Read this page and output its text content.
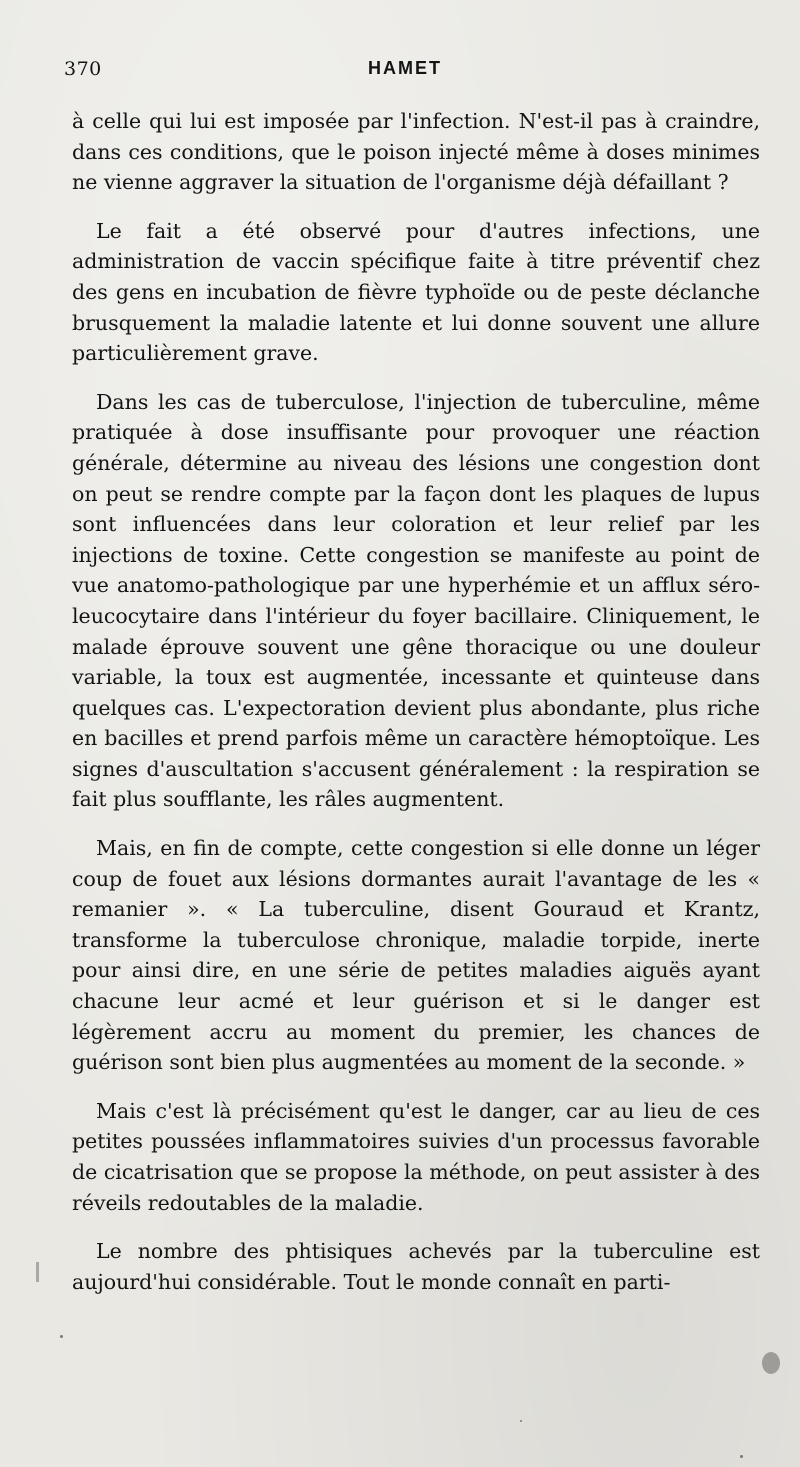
370	HAMET

à celle qui lui est imposée par l'infection. N'est-il pas à craindre, dans ces conditions, que le poison injecté même à doses minimes ne vienne aggraver la situation de l'organisme déjà défaillant ?

Le fait a été observé pour d'autres infections, une administration de vaccin spécifique faite à titre préventif chez des gens en incubation de fièvre typhoïde ou de peste déclanche brusquement la maladie latente et lui donne souvent une allure particulièrement grave.

Dans les cas de tuberculose, l'injection de tuberculine, même pratiquée à dose insuffisante pour provoquer une réaction générale, détermine au niveau des lésions une congestion dont on peut se rendre compte par la façon dont les plaques de lupus sont influencées dans leur coloration et leur relief par les injections de toxine. Cette congestion se manifeste au point de vue anatomo-pathologique par une hyperhémie et un afflux séro-leucocytaire dans l'intérieur du foyer bacillaire. Cliniquement, le malade éprouve souvent une gêne thoracique ou une douleur variable, la toux est augmentée, incessante et quinteuse dans quelques cas. L'expectoration devient plus abondante, plus riche en bacilles et prend parfois même un caractère hémoptoïque. Les signes d'auscultation s'accusent généralement : la respiration se fait plus soufflante, les râles augmentent.

Mais, en fin de compte, cette congestion si elle donne un léger coup de fouet aux lésions dormantes aurait l'avantage de les « remanier ». « La tuberculine, disent Gouraud et Krantz, transforme la tuberculose chronique, maladie torpide, inerte pour ainsi dire, en une série de petites maladies aiguës ayant chacune leur acmé et leur guérison et si le danger est légèrement accru au moment du premier, les chances de guérison sont bien plus augmentées au moment de la seconde. »

Mais c'est là précisément qu'est le danger, car au lieu de ces petites poussées inflammatoires suivies d'un processus favorable de cicatrisation que se propose la méthode, on peut assister à des réveils redoutables de la maladie.

Le nombre des phtisiques achevés par la tuberculine est aujourd'hui considérable. Tout le monde connaît en parti-
